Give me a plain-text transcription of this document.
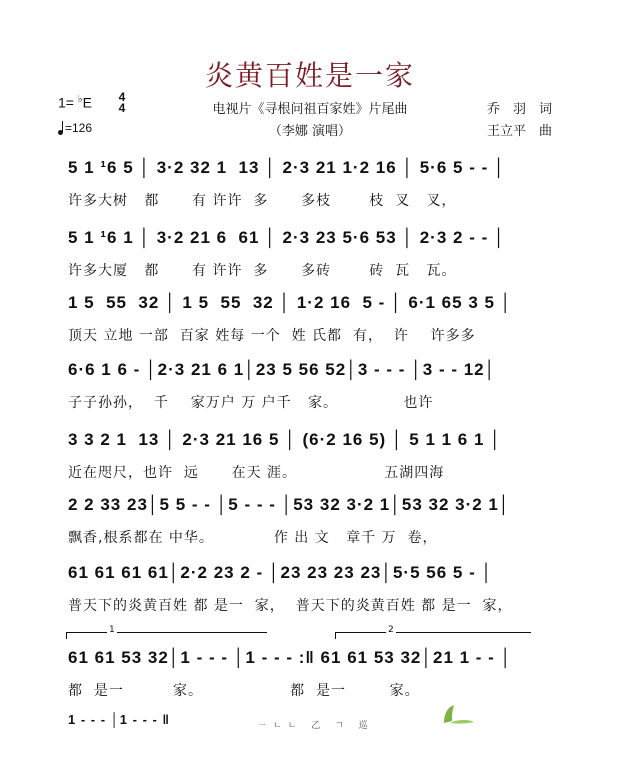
炎黄百姓是一家
1= ♭E 4
4
=126
电视片《寻根问祖百家姓》片尾曲
（李娜 演唱）
乔　羽　词
王立平　曲
5 1 ¹6 5 │ 3·2 32 1  13 │ 2·3 21 1·2 16 │ 5·6 5 - - │
许多大树   都      有 许许  多      多枝       枝  叉   叉，
5 1 ¹6 1 │ 3·2 21 6  61 │ 2·3 23 5·6 53 │ 2·3 2 - - │
许多大厦   都      有 许许  多      多砖       砖  瓦   瓦。
1 5  55  32 │ 1 5  55  32 │ 1·2 16  5 - │ 6·1 65 3 5 │
顶天 立地 一部  百家 姓每 一个  姓 氏都  有，  许    许多多
6·6 1 6 - │2·3 21 6 1│23 5 56 52│3 - - - │3 - - 12│
子子孙孙，  千    家万户 万 户千   家。            也许
3 3 2 1  13 │ 2·3 21 16 5 │ (6·2 16 5) │ 5 1 1 6 1 │
近在咫尺，也许  远      在天 涯。                五湖四海
2 2 33 23│5 5 - - │5 - - - │53 32 3·2 1│53 32 3·2 1│
飘香,根系都在 中华。           作 出 文   章千 万  卷，
61 61 61 61│2·2 23 2 - │23 23 23 23│5·5 56 5 - │
普天下的炎黄百姓 都 是一  家，  普天下的炎黄百姓 都 是一  家，
1	2
61 61 53 32│1 - - - │1 - - - :‖ 61 61 53 32│21 1 - - │
都  是一         家。                都  是一        家。
1 - - - │1 - - - ‖	ㄧㄴㄴ 乙 ㄱ 巡
